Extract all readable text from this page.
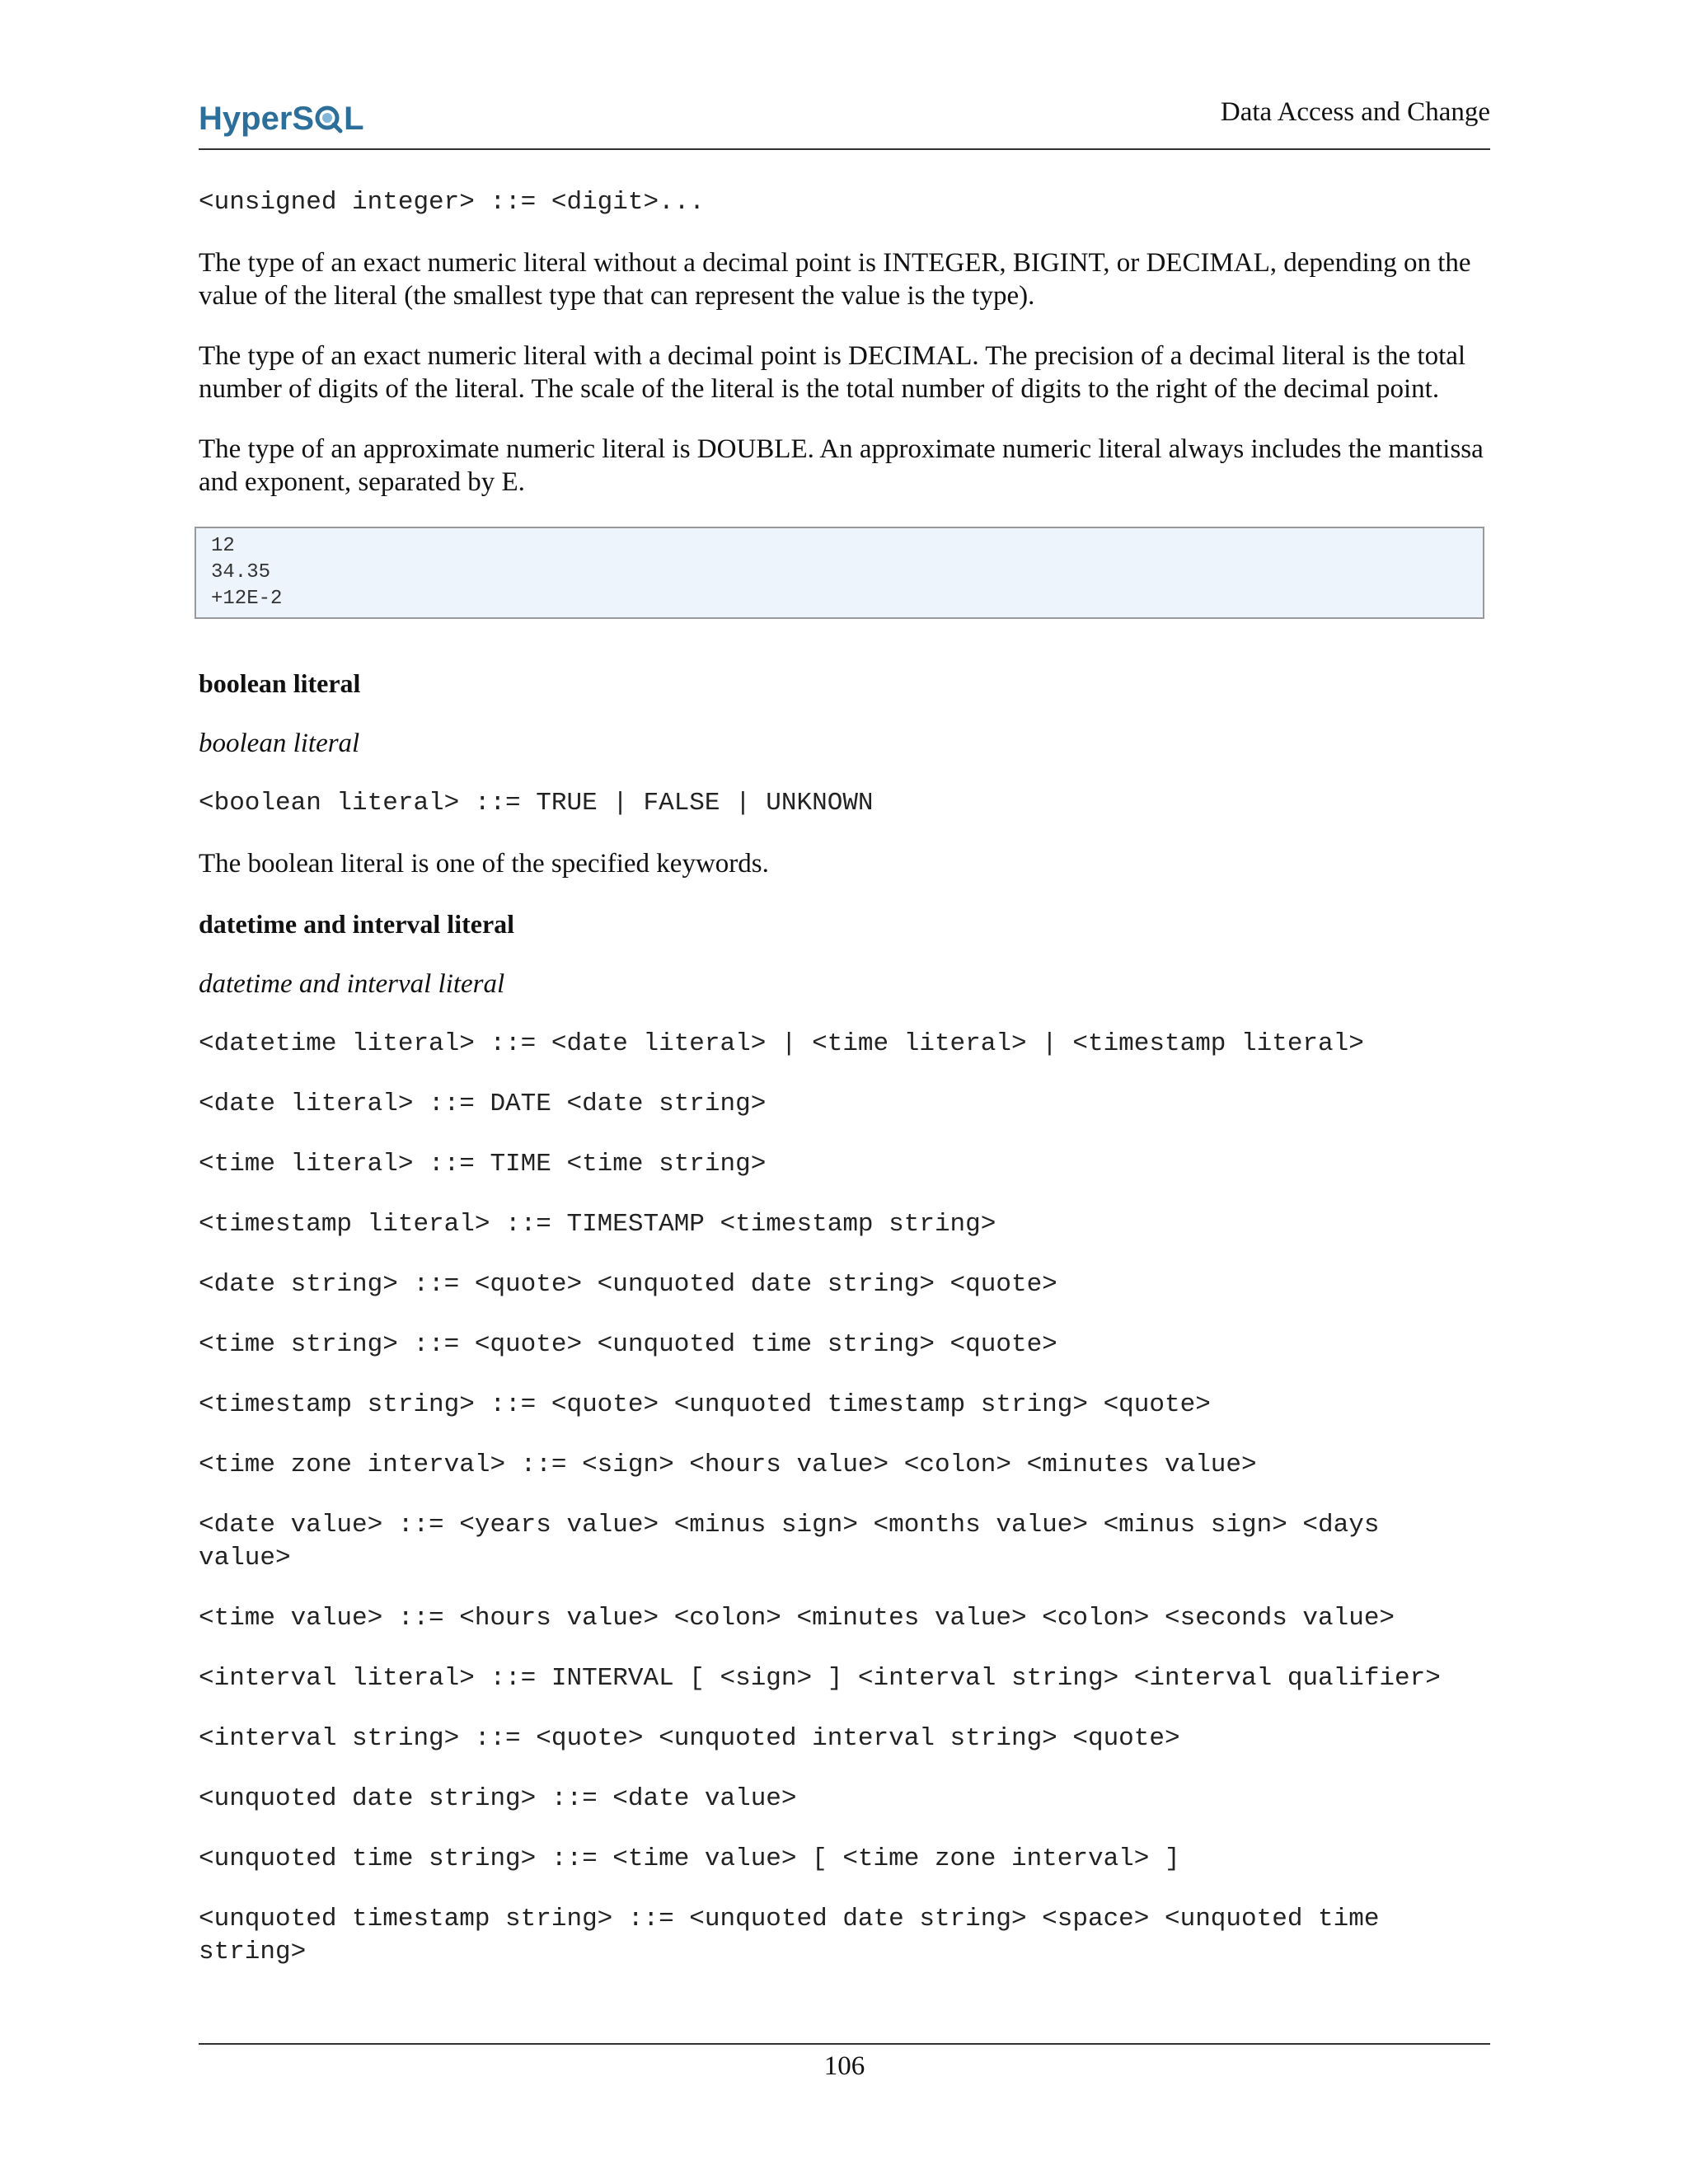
HyperS L	Data Access and Change
<unsigned integer> ::= <digit>...

The type of an exact numeric literal without a decimal point is INTEGER, BIGINT, or DECIMAL, depending on the value of the literal (the smallest type that can represent the value is the type).

The type of an exact numeric literal with a decimal point is DECIMAL. The precision of a decimal literal is the total number of digits of the literal. The scale of the literal is the total number of digits to the right of the decimal point.

The type of an approximate numeric literal is DOUBLE. An approximate numeric literal always includes the mantissa and exponent, separated by E.

12
34.35
+12E-2
boolean literal

boolean literal

<boolean literal> ::= TRUE | FALSE | UNKNOWN

The boolean literal is one of the specified keywords.

datetime and interval literal

datetime and interval literal

<datetime literal> ::= <date literal> | <time literal> | <timestamp literal>
<date literal> ::= DATE <date string>
<time literal> ::= TIME <time string>
<timestamp literal> ::= TIMESTAMP <timestamp string>
<date string> ::= <quote> <unquoted date string> <quote>
<time string> ::= <quote> <unquoted time string> <quote>
<timestamp string> ::= <quote> <unquoted timestamp string> <quote>
<time zone interval> ::= <sign> <hours value> <colon> <minutes value>
<date value> ::= <years value> <minus sign> <months value> <minus sign> <days
value>
<time value> ::= <hours value> <colon> <minutes value> <colon> <seconds value>
<interval literal> ::= INTERVAL [ <sign> ] <interval string> <interval qualifier>
<interval string> ::= <quote> <unquoted interval string> <quote>
<unquoted date string> ::= <date value>
<unquoted time string> ::= <time value> [ <time zone interval> ]
<unquoted timestamp string> ::= <unquoted date string> <space> <unquoted time
string>
106
